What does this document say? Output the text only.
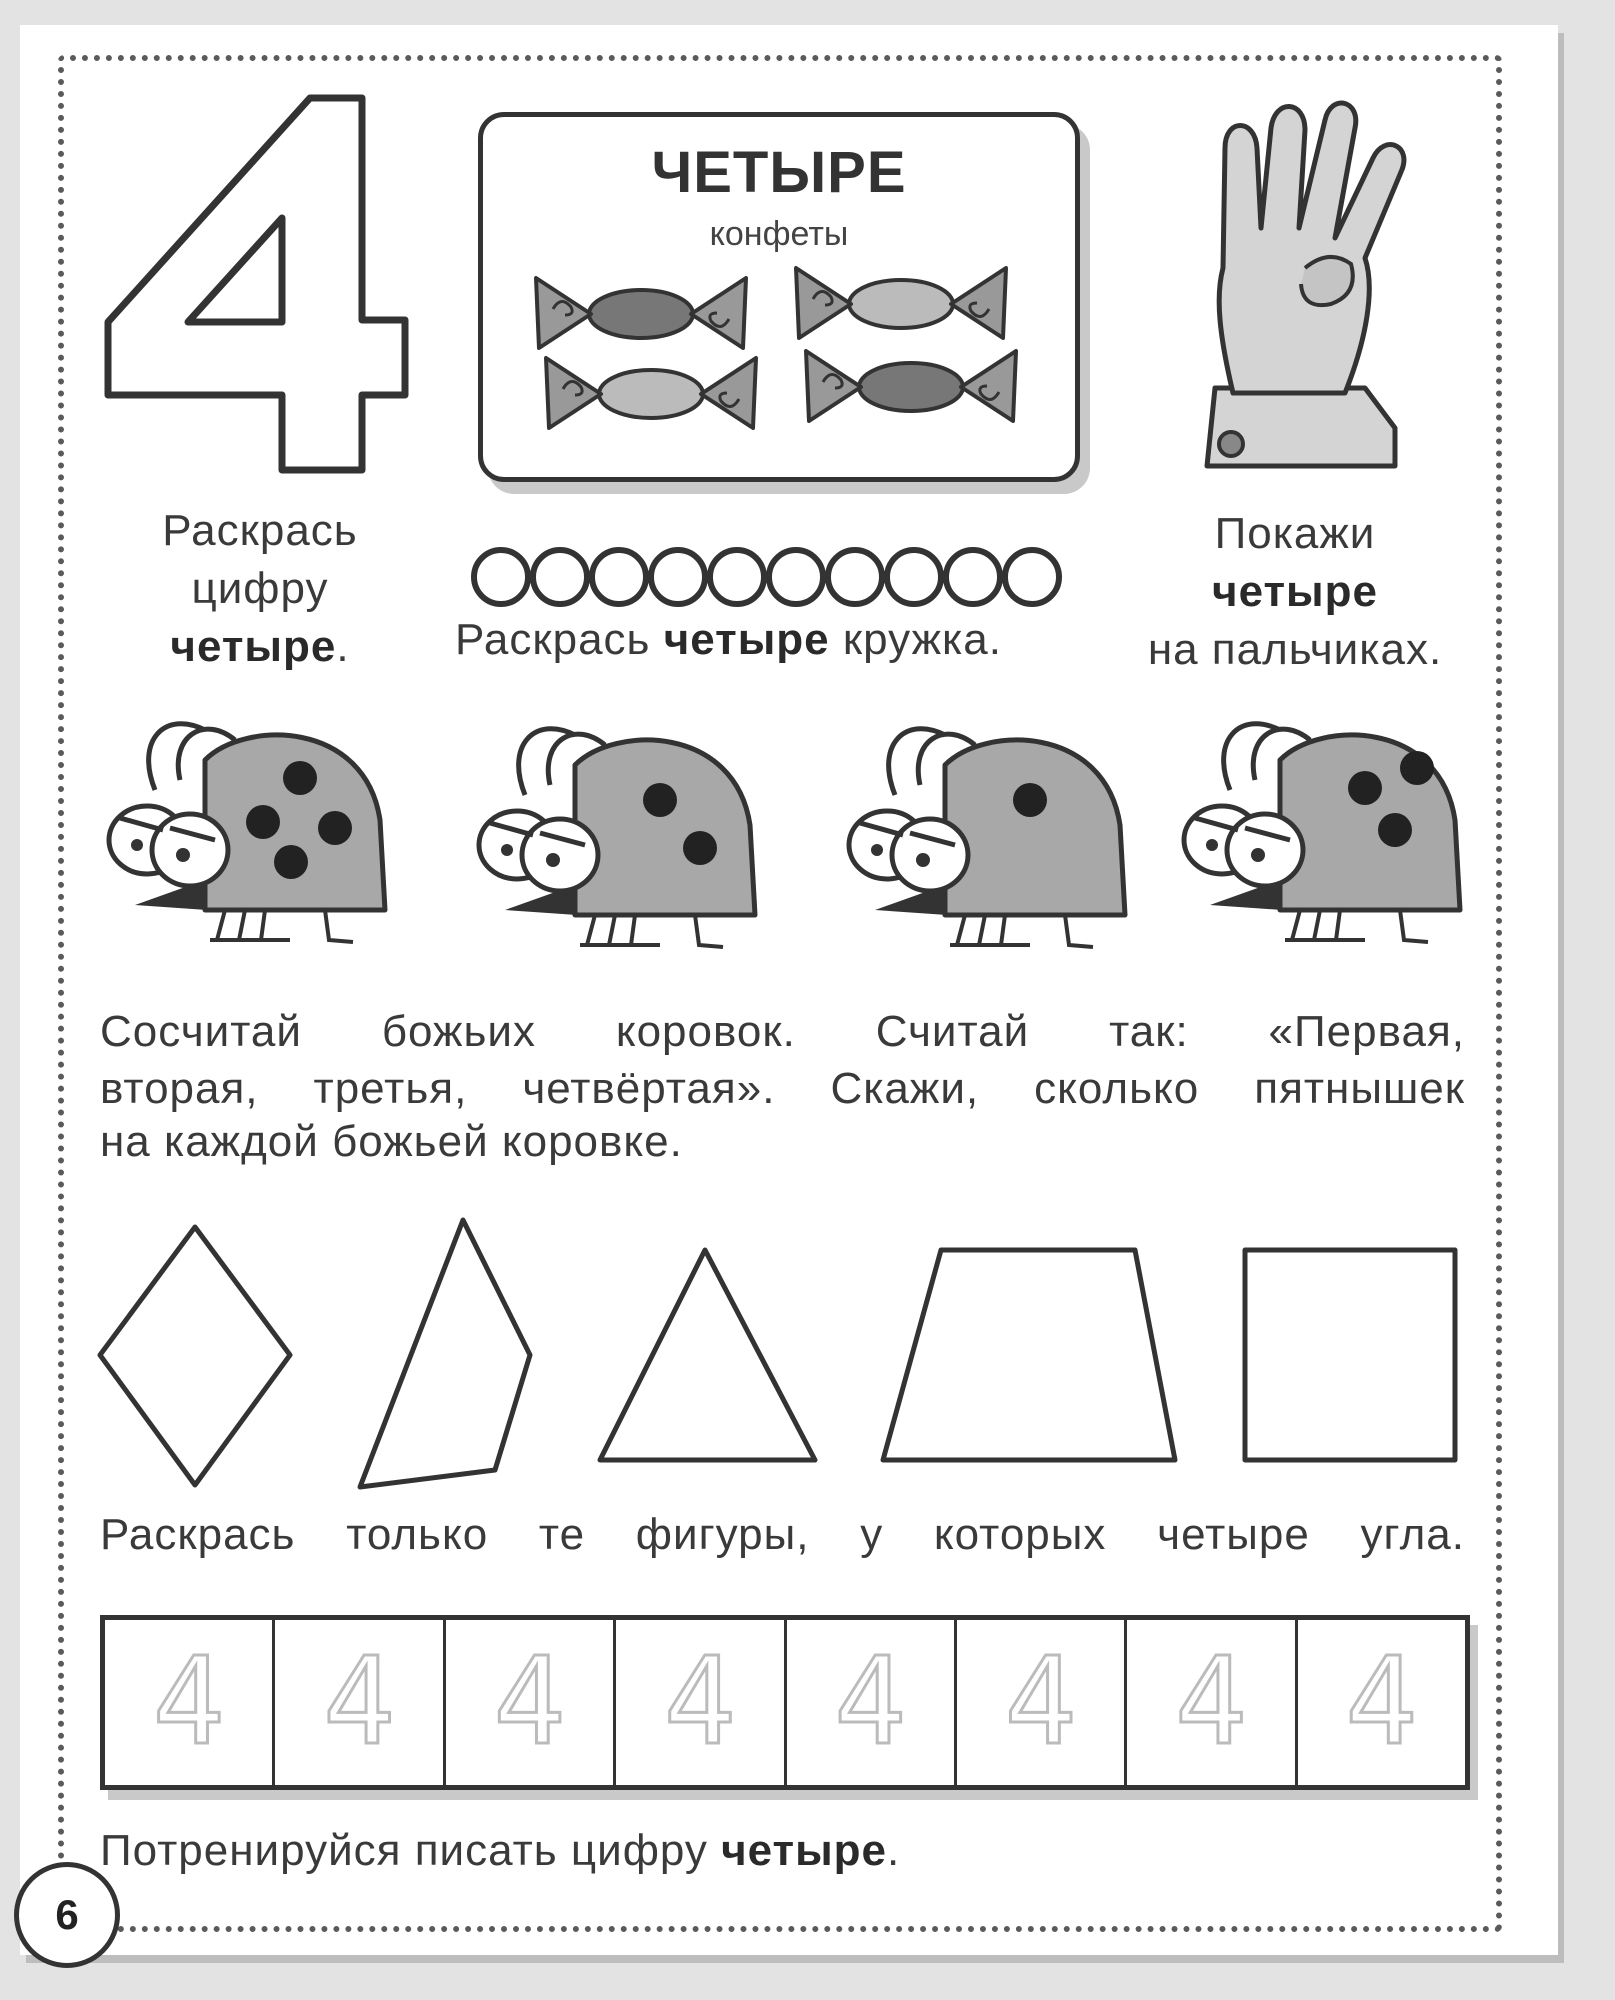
ЧЕТЫРЕ
конфеты
Раскрась
цифру
четыре.	Раскрась четыре кружка.
Покажи
четыре
на пальчиках.
Сосчитай божьих коровок. Считай так: «Первая,
вторая, третья, четвёртая». Скажи, сколько пятнышек
на каждой божьей коровке.
Раскрась только те фигуры, у которых четыре угла.
4 4 4 4 4 4 4 4
Потренируйся писать цифру четыре.
6
